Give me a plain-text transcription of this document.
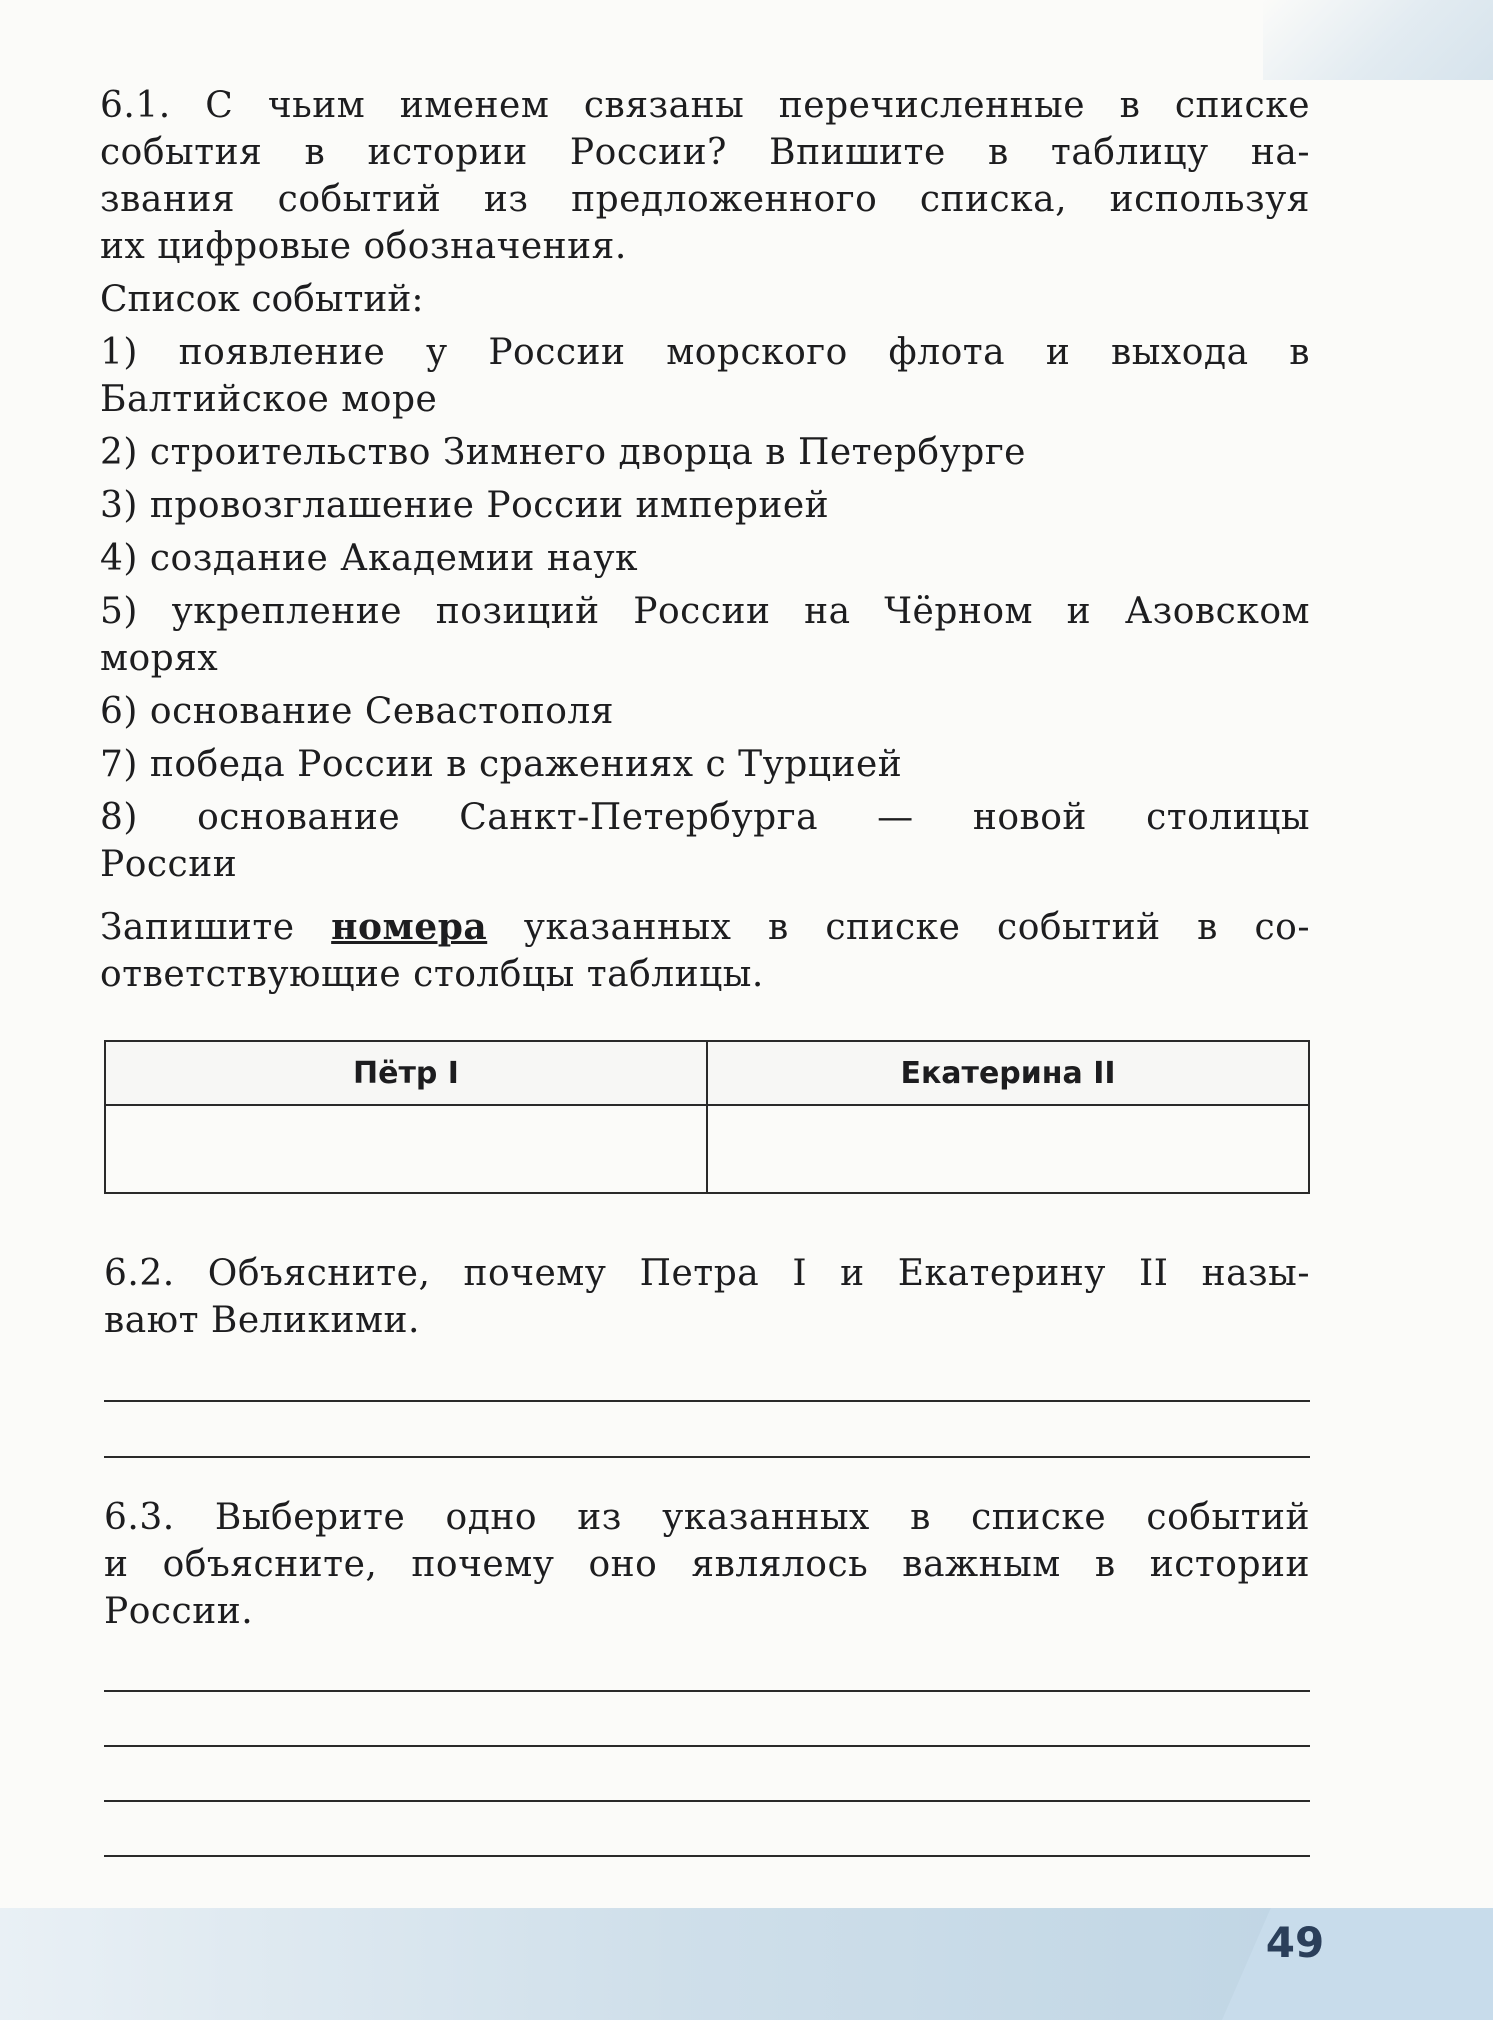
6.1. С чьим именем связаны перечисленные в списке

события в истории России? Впишите в таблицу на-

звания событий из предложенного списка, используя

их цифровые обозначения.

Список событий:

1) появление у России морского флота и выхода в

Балтийское море

2) строительство Зимнего дворца в Петербурге

3) провозглашение России империей

4) создание Академии наук

5) укрепление позиций России на Чёрном и Азовском

морях

6) основание Севастополя

7) победа России в сражениях с Турцией

8) основание Санкт-Петербурга — новой столицы

России

Запишите номера указанных в списке событий в со-

ответствующие столбцы таблицы.

Пётр I	Екатерина II

6.2. Объясните, почему Петра I и Екатерину II назы-

вают Великими.

6.3. Выберите одно из указанных в списке событий

и объясните, почему оно являлось важным в истории

России.

49
